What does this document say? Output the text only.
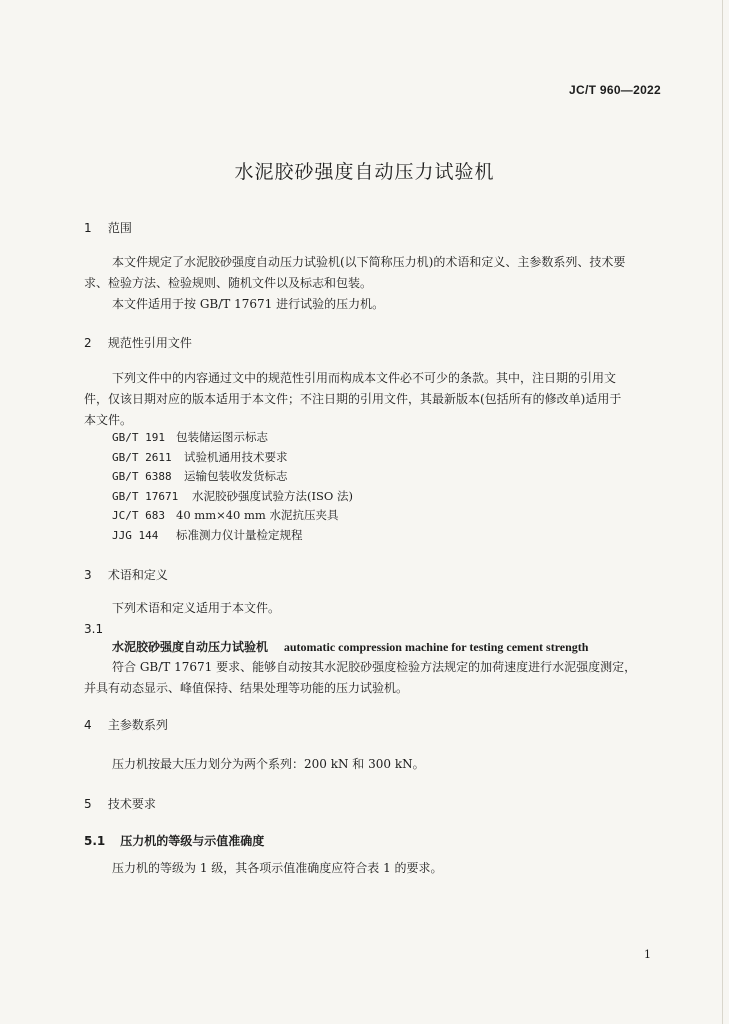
JC/T 960—2022
水泥胶砂强度自动压力试验机
1 范围
本文件规定了水泥胶砂强度自动压力试验机(以下简称压力机)的术语和定义、主参数系列、技术要
求、检验方法、检验规则、随机文件以及标志和包装。
本文件适用于按 GB/T 17671 进行试验的压力机。
2 规范性引用文件
下列文件中的内容通过文中的规范性引用而构成本文件必不可少的条款。其中，注日期的引用文
件，仅该日期对应的版本适用于本文件；不注日期的引用文件，其最新版本(包括所有的修改单)适用于
本文件。
GB/T 191 包装储运图示标志
GB/T 2611 试验机通用技术要求
GB/T 6388 运输包装收发货标志
GB/T 17671 水泥胶砂强度试验方法(ISO 法)
JC/T 683 40 mm×40 mm 水泥抗压夹具
JJG 144 标准测力仪计量检定规程
3 术语和定义
下列术语和定义适用于本文件。
3.1
水泥胶砂强度自动压力试验机 automatic compression machine for testing cement strength
符合 GB/T 17671 要求、能够自动按其水泥胶砂强度检验方法规定的加荷速度进行水泥强度测定，
并具有动态显示、峰值保持、结果处理等功能的压力试验机。
4 主参数系列
压力机按最大压力划分为两个系列：200 kN 和 300 kN。
5 技术要求
5.1 压力机的等级与示值准确度
压力机的等级为 1 级，其各项示值准确度应符合表 1 的要求。
1
